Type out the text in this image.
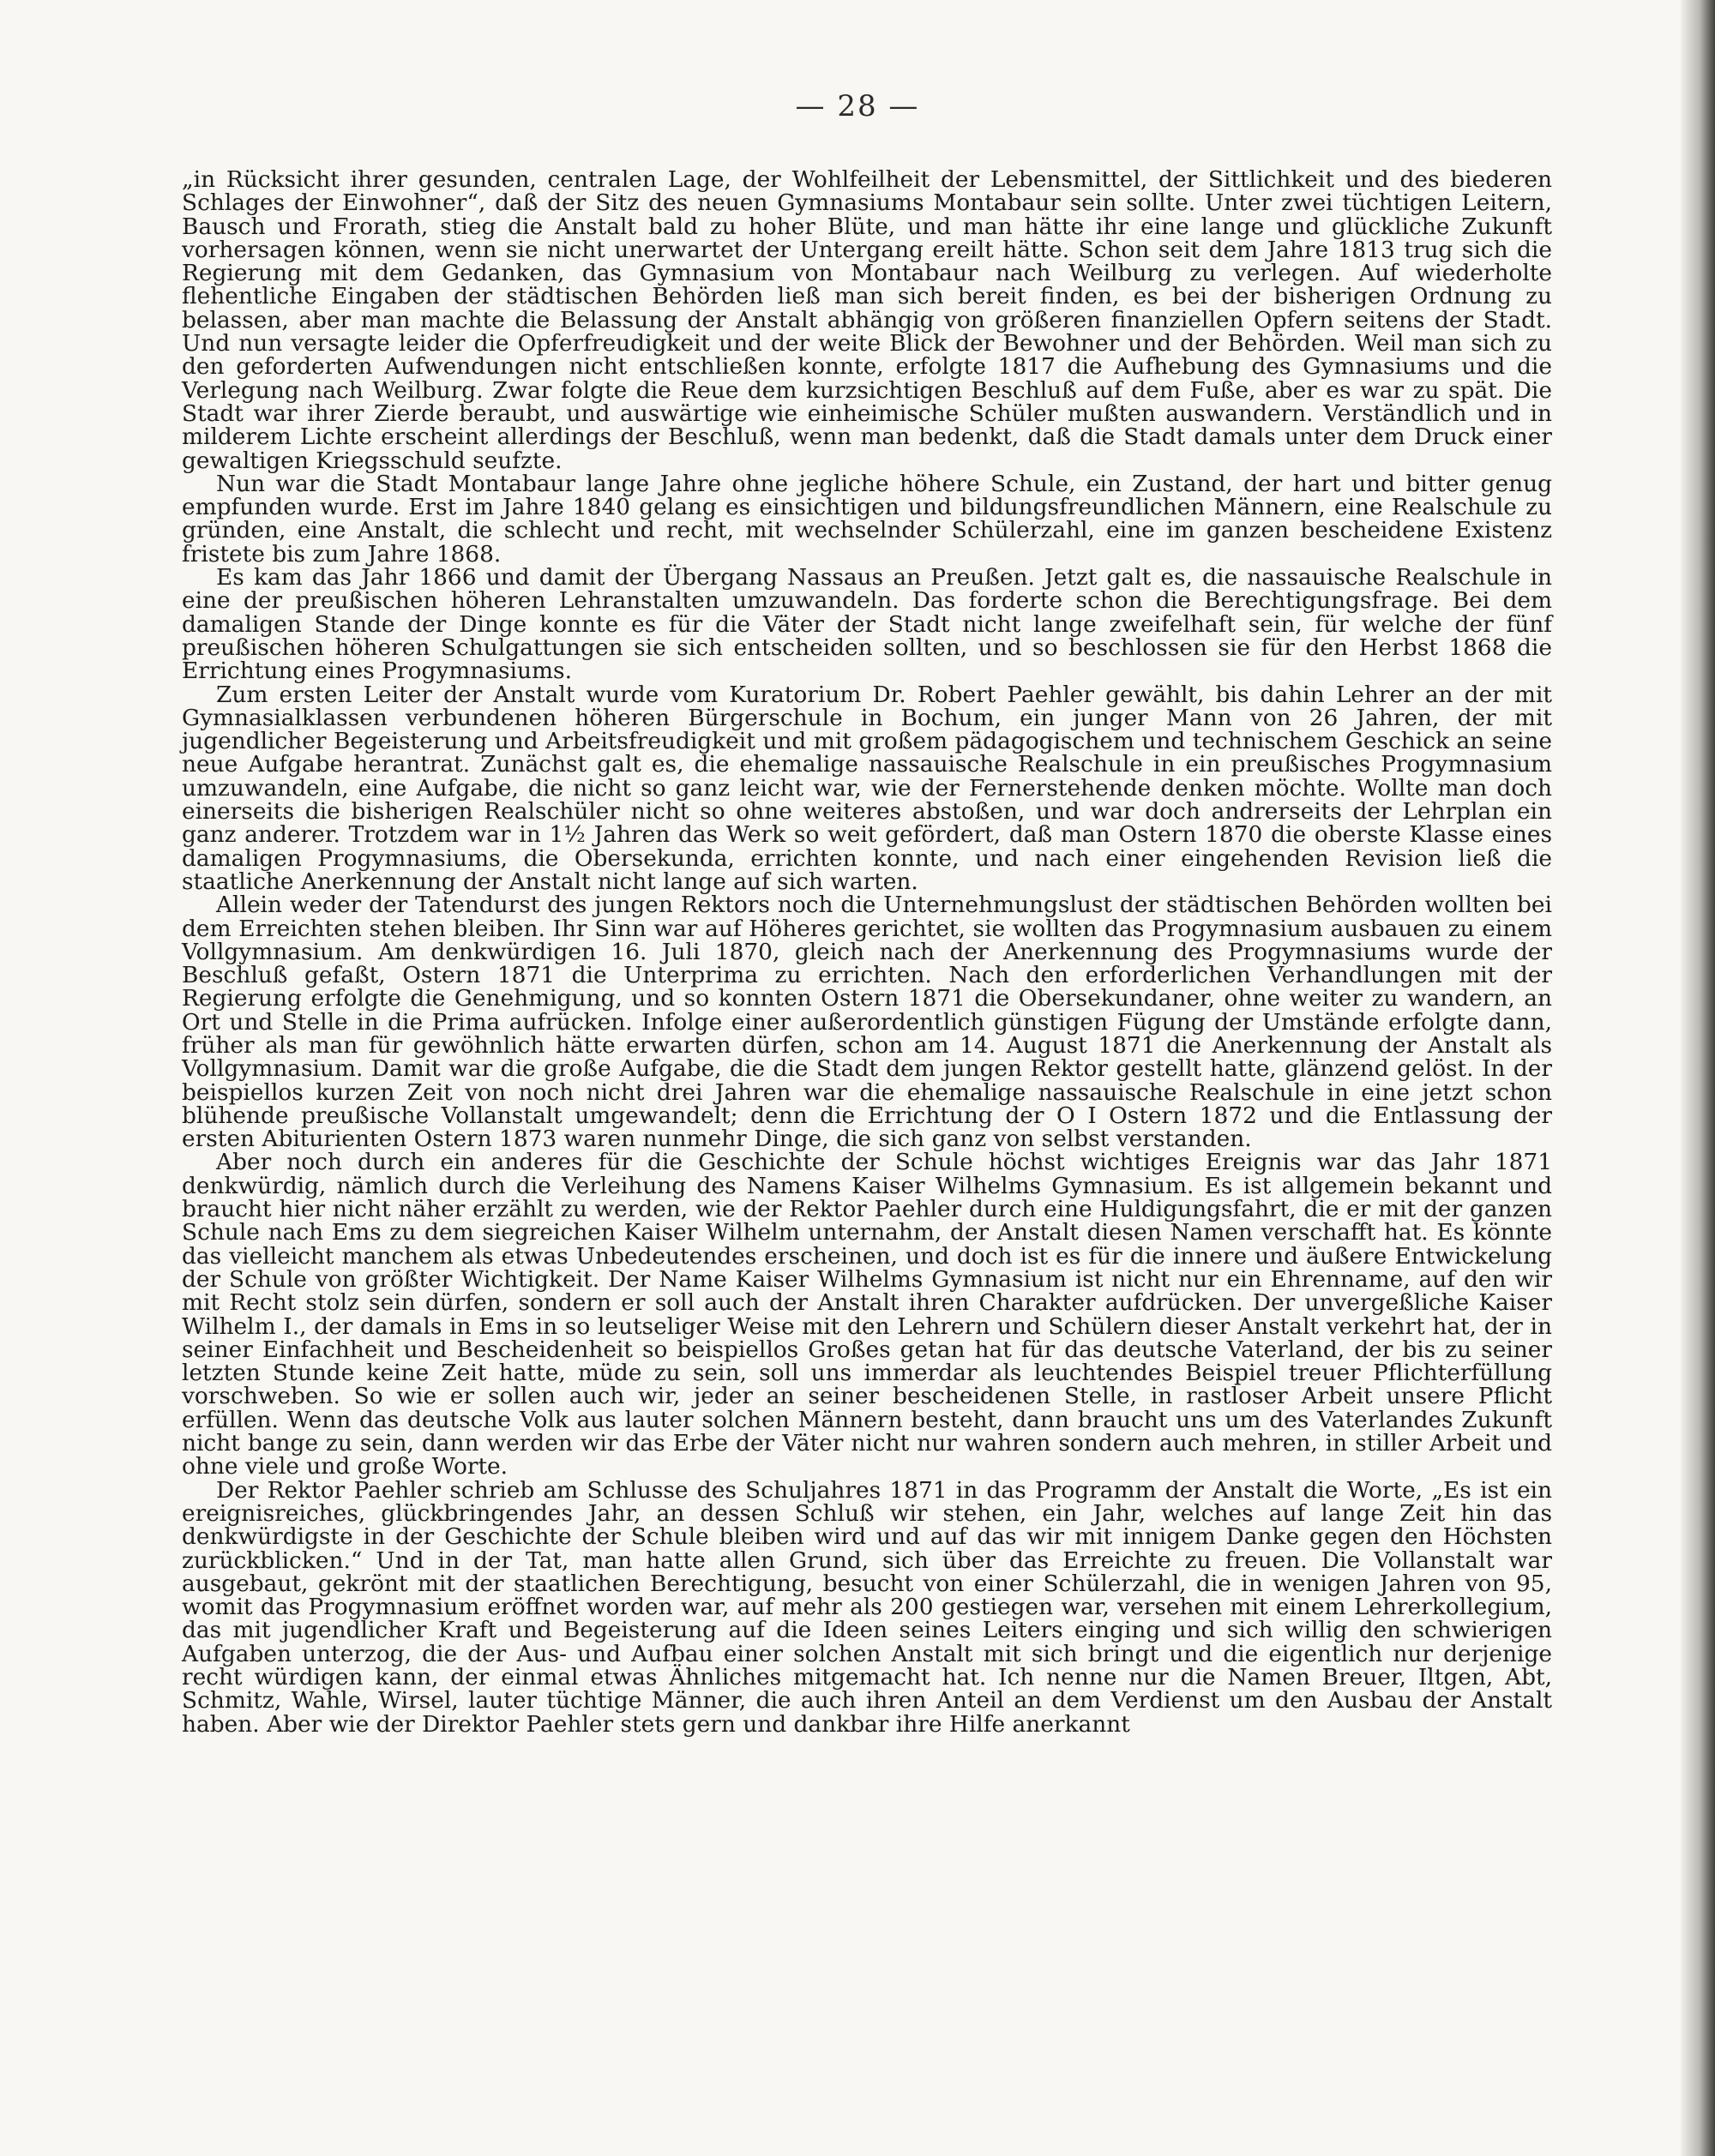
— 28 —

„in Rücksicht ihrer gesunden, centralen Lage, der Wohlfeilheit der Lebensmittel, der Sittlichkeit und des biederen Schlages der Einwohner“, daß der Sitz des neuen Gymnasiums Montabaur sein sollte. Unter zwei tüchtigen Leitern, Bausch und Frorath, stieg die Anstalt bald zu hoher Blüte, und man hätte ihr eine lange und glückliche Zukunft vorhersagen können, wenn sie nicht unerwartet der Untergang ereilt hätte. Schon seit dem Jahre 1813 trug sich die Regierung mit dem Gedanken, das Gymnasium von Montabaur nach Weilburg zu verlegen. Auf wiederholte flehentliche Eingaben der städtischen Behörden ließ man sich bereit finden, es bei der bisherigen Ordnung zu belassen, aber man machte die Belassung der Anstalt abhängig von größeren finanziellen Opfern seitens der Stadt. Und nun versagte leider die Opferfreudigkeit und der weite Blick der Bewohner und der Behörden. Weil man sich zu den geforderten Aufwendungen nicht entschließen konnte, erfolgte 1817 die Aufhebung des Gymnasiums und die Verlegung nach Weilburg. Zwar folgte die Reue dem kurzsichtigen Beschluß auf dem Fuße, aber es war zu spät. Die Stadt war ihrer Zierde beraubt, und auswärtige wie einheimische Schüler mußten auswandern. Verständlich und in milderem Lichte erscheint allerdings der Beschluß, wenn man bedenkt, daß die Stadt damals unter dem Druck einer gewaltigen Kriegsschuld seufzte.

Nun war die Stadt Montabaur lange Jahre ohne jegliche höhere Schule, ein Zustand, der hart und bitter genug empfunden wurde. Erst im Jahre 1840 gelang es einsichtigen und bildungsfreundlichen Männern, eine Realschule zu gründen, eine Anstalt, die schlecht und recht, mit wechselnder Schülerzahl, eine im ganzen bescheidene Existenz fristete bis zum Jahre 1868.

Es kam das Jahr 1866 und damit der Übergang Nassaus an Preußen. Jetzt galt es, die nassauische Realschule in eine der preußischen höheren Lehranstalten umzuwandeln. Das forderte schon die Berechtigungsfrage. Bei dem damaligen Stande der Dinge konnte es für die Väter der Stadt nicht lange zweifelhaft sein, für welche der fünf preußischen höheren Schulgattungen sie sich entscheiden sollten, und so beschlossen sie für den Herbst 1868 die Errichtung eines Progymnasiums.

Zum ersten Leiter der Anstalt wurde vom Kuratorium Dr. Robert Paehler gewählt, bis dahin Lehrer an der mit Gymnasialklassen verbundenen höheren Bürgerschule in Bochum, ein junger Mann von 26 Jahren, der mit jugendlicher Begeisterung und Arbeitsfreudigkeit und mit großem pädagogischem und technischem Geschick an seine neue Aufgabe herantrat. Zunächst galt es, die ehemalige nassauische Realschule in ein preußisches Progymnasium umzuwandeln, eine Aufgabe, die nicht so ganz leicht war, wie der Fernerstehende denken möchte. Wollte man doch einerseits die bisherigen Realschüler nicht so ohne weiteres abstoßen, und war doch andrerseits der Lehrplan ein ganz anderer. Trotzdem war in 1½ Jahren das Werk so weit gefördert, daß man Ostern 1870 die oberste Klasse eines damaligen Progymnasiums, die Obersekunda, errichten konnte, und nach einer eingehenden Revision ließ die staatliche Anerkennung der Anstalt nicht lange auf sich warten.

Allein weder der Tatendurst des jungen Rektors noch die Unternehmungslust der städtischen Behörden wollten bei dem Erreichten stehen bleiben. Ihr Sinn war auf Höheres gerichtet, sie wollten das Progymnasium ausbauen zu einem Vollgymnasium. Am denkwürdigen 16. Juli 1870, gleich nach der Anerkennung des Progymnasiums wurde der Beschluß gefaßt, Ostern 1871 die Unterprima zu errichten. Nach den erforderlichen Verhandlungen mit der Regierung erfolgte die Genehmigung, und so konnten Ostern 1871 die Obersekundaner, ohne weiter zu wandern, an Ort und Stelle in die Prima aufrücken. Infolge einer außerordentlich günstigen Fügung der Umstände erfolgte dann, früher als man für gewöhnlich hätte erwarten dürfen, schon am 14. August 1871 die Anerkennung der Anstalt als Vollgymnasium. Damit war die große Aufgabe, die die Stadt dem jungen Rektor gestellt hatte, glänzend gelöst. In der beispiellos kurzen Zeit von noch nicht drei Jahren war die ehemalige nassauische Realschule in eine jetzt schon blühende preußische Vollanstalt umgewandelt; denn die Errichtung der O I Ostern 1872 und die Entlassung der ersten Abiturienten Ostern 1873 waren nunmehr Dinge, die sich ganz von selbst verstanden.

Aber noch durch ein anderes für die Geschichte der Schule höchst wichtiges Ereignis war das Jahr 1871 denkwürdig, nämlich durch die Verleihung des Namens Kaiser Wilhelms Gymnasium. Es ist allgemein bekannt und braucht hier nicht näher erzählt zu werden, wie der Rektor Paehler durch eine Huldigungsfahrt, die er mit der ganzen Schule nach Ems zu dem siegreichen Kaiser Wilhelm unternahm, der Anstalt diesen Namen verschafft hat. Es könnte das vielleicht manchem als etwas Unbedeutendes erscheinen, und doch ist es für die innere und äußere Entwickelung der Schule von größter Wichtigkeit. Der Name Kaiser Wilhelms Gymnasium ist nicht nur ein Ehrenname, auf den wir mit Recht stolz sein dürfen, sondern er soll auch der Anstalt ihren Charakter aufdrücken. Der unvergeßliche Kaiser Wilhelm I., der damals in Ems in so leutseliger Weise mit den Lehrern und Schülern dieser Anstalt verkehrt hat, der in seiner Einfachheit und Bescheidenheit so beispiellos Großes getan hat für das deutsche Vaterland, der bis zu seiner letzten Stunde keine Zeit hatte, müde zu sein, soll uns immerdar als leuchtendes Beispiel treuer Pflichterfüllung vorschweben. So wie er sollen auch wir, jeder an seiner bescheidenen Stelle, in rastloser Arbeit unsere Pflicht erfüllen. Wenn das deutsche Volk aus lauter solchen Männern besteht, dann braucht uns um des Vaterlandes Zukunft nicht bange zu sein, dann werden wir das Erbe der Väter nicht nur wahren sondern auch mehren, in stiller Arbeit und ohne viele und große Worte.

Der Rektor Paehler schrieb am Schlusse des Schuljahres 1871 in das Programm der Anstalt die Worte, „Es ist ein ereignisreiches, glückbringendes Jahr, an dessen Schluß wir stehen, ein Jahr, welches auf lange Zeit hin das denkwürdigste in der Geschichte der Schule bleiben wird und auf das wir mit innigem Danke gegen den Höchsten zurückblicken.“ Und in der Tat, man hatte allen Grund, sich über das Erreichte zu freuen. Die Vollanstalt war ausgebaut, gekrönt mit der staatlichen Berechtigung, besucht von einer Schülerzahl, die in wenigen Jahren von 95, womit das Progymnasium eröffnet worden war, auf mehr als 200 gestiegen war, versehen mit einem Lehrerkollegium, das mit jugendlicher Kraft und Begeisterung auf die Ideen seines Leiters einging und sich willig den schwierigen Aufgaben unterzog, die der Aus- und Aufbau einer solchen Anstalt mit sich bringt und die eigentlich nur derjenige recht würdigen kann, der einmal etwas Ähnliches mitgemacht hat. Ich nenne nur die Namen Breuer, Iltgen, Abt, Schmitz, Wahle, Wirsel, lauter tüchtige Männer, die auch ihren Anteil an dem Verdienst um den Ausbau der Anstalt haben. Aber wie der Direktor Paehler stets gern und dankbar ihre Hilfe anerkannt
